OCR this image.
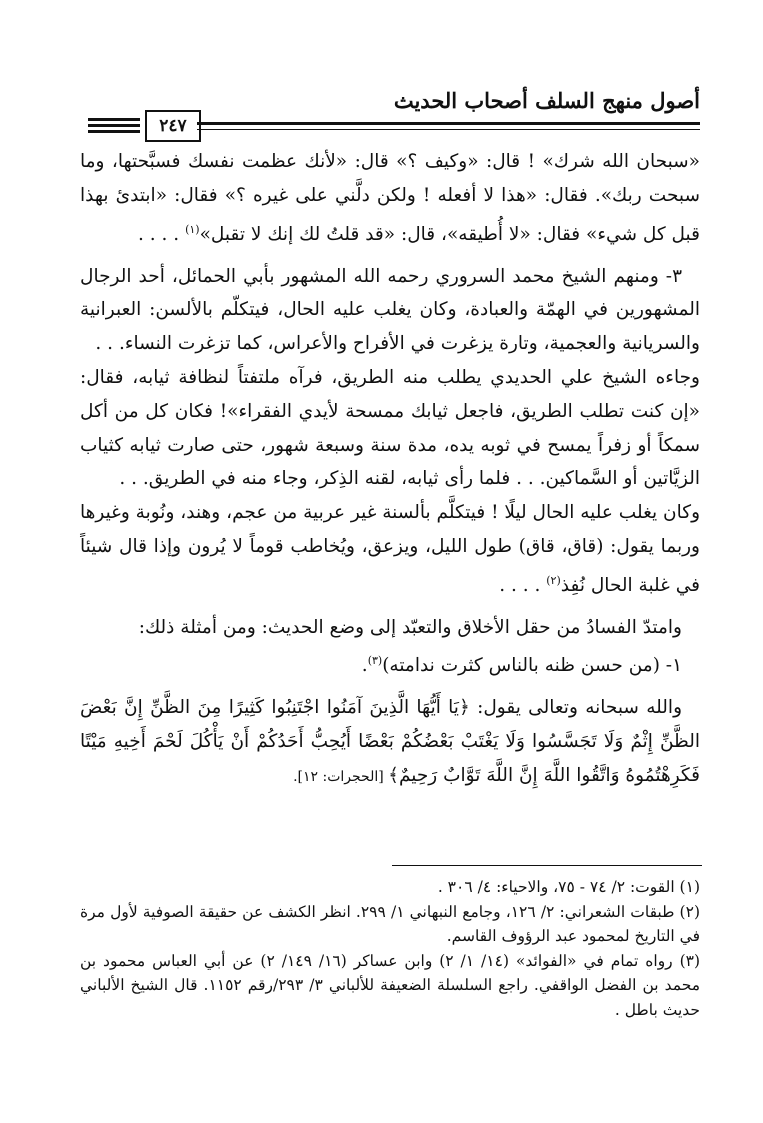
أصول منهج السلف أصحاب الحديث
٢٤٧

«سبحان الله شرك» ! قال: «وكيف ؟» قال: «لأنك عظمت نفسك فسبَّحتها، وما سبحت ربك». فقال: «هذا لا أفعله ! ولكن دلَّني على غيره ؟» فقال: «ابتدئ بهذا قبل كل شيء» فقال: «لا أُطيقه»، قال: «قد قلتُ لك إنك لا تقبل»$^{(١)}$ . . . .

٣- ومنهم الشيخ محمد السروري رحمه الله المشهور بأبي الحمائل، أحد الرجال المشهورين في الهمّة والعبادة، وكان يغلب عليه الحال، فيتكلّم بالألسن: العبرانية والسريانية والعجمية، وتارة يزغرت في الأفراح والأعراس، كما تزغرت النساء. . .

وجاءه الشيخ علي الحديدي يطلب منه الطريق، فرآه ملتفتاً لنظافة ثيابه، فقال: «إن كنت تطلب الطريق، فاجعل ثيابك ممسحة لأيدي الفقراء»! فكان كل من أكل سمكاً أو زفراً يمسح في ثوبه يده، مدة سنة وسبعة شهور، حتى صارت ثيابه كثياب الزيَّاتين أو السَّماكين. . . فلما رأى ثيابه، لقنه الذِكر، وجاء منه في الطريق. . .

وكان يغلب عليه الحال ليلًا ! فيتكلَّم بألسنة غير عربية من عجم، وهند، ونُوبة وغيرها وربما يقول: (قاق، قاق) طول الليل، ويزعق، ويُخاطب قوماً لا يُرون وإذا قال شيئاً في غلبة الحال نُفِذ$^{(٢)}$ . . . .

وامتدّ الفسادُ من حقل الأخلاق والتعبّد إلى وضع الحديث: ومن أمثلة ذلك:

١- (من حسن ظنه بالناس كثرت ندامته)$^{(٣)}$.

والله سبحانه وتعالى يقول: ﴿يَا أَيُّهَا الَّذِينَ آمَنُوا اجْتَنِبُوا كَثِيرًا مِنَ الظَّنِّ إِنَّ بَعْضَ الظَّنِّ إِثْمٌ وَلَا تَجَسَّسُوا وَلَا يَغْتَبْ بَعْضُكُمْ بَعْضًا أَيُحِبُّ أَحَدُكُمْ أَنْ يَأْكُلَ لَحْمَ أَخِيهِ مَيْتًا فَكَرِهْتُمُوهُ وَاتَّقُوا اللَّهَ إِنَّ اللَّهَ تَوَّابٌ رَحِيمٌ﴾ [الحجرات: ١٢].

(١) القوت: ٢/ ٧٤ - ٧٥، والاحياء: ٤/ ٣٠٦ .

(٢) طبقات الشعراني: ٢/ ١٢٦، وجامع النبهاني ١/ ٢٩٩. انظر الكشف عن حقيقة الصوفية لأول مرة في التاريخ لمحمود عبد الرؤوف القاسم.

(٣) رواه تمام في «الفوائد» (١٤/ ١/ ٢) وابن عساكر (١٦/ ١٤٩/ ٢) عن أبي العباس محمود بن محمد بن الفضل الواقفي. راجع السلسلة الضعيفة للألباني ٣/ ٢٩٣/رقم ١١٥٢. قال الشيخ الألباني حديث باطل .
